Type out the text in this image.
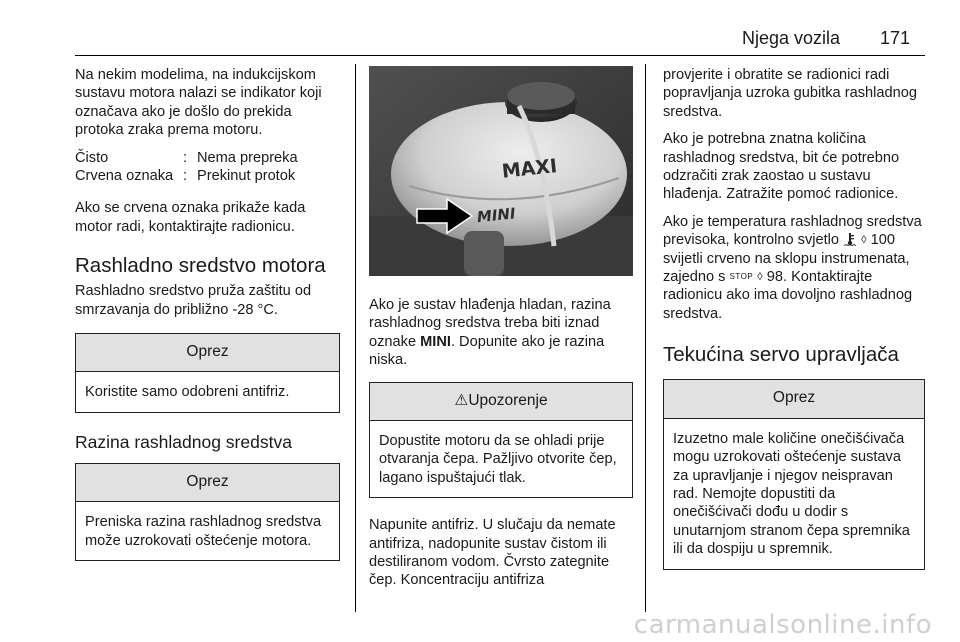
Njega vozila 171

Na nekim modelima, na indukcijskom sustavu motora nalazi se indikator koji označava ako je došlo do prekida protoka zraka prema motoru.

Čisto	: Nema prepreka
Crvena oznaka : Prekinut protok

Ako se crvena oznaka prikaže kada motor radi, kontaktirajte radionicu.

Rashladno sredstvo motora

Rashladno sredstvo pruža zaštitu od smrzavanja do približno -28 °C.

Oprez
Koristite samo odobreni antifriz.
Razina rashladnog sredstva
Oprez
Preniska razina rashladnog sredstva može uzrokovati oštećenje motora.
MAXI
MINI

Ako je sustav hlađenja hladan, razina rashladnog sredstva treba biti iznad oznake MINI. Dopunite ako je razina niska.

⚠Upozorenje
Dopustite motoru da se ohladi prije otvaranja čepa. Pažljivo otvorite čep, lagano ispuštajući tlak.

Napunite antifriz. U slučaju da nemate antifriza, nadopunite sustav čistom ili destiliranom vodom. Čvrsto zategnite čep. Koncentraciju antifriza

provjerite i obratite se radionici radi popravljanja uzroka gubitka rashladnog sredstva.

Ako je potrebna znatna količina rashladnog sredstva, bit će potrebno odzračiti zrak zaostao u sustavu hlađenja. Zatražite pomoć radionice.

Ako je temperatura rashladnog sredstva previsoka, kontrolno svjetlo  ◊ 100 svijetli crveno na sklopu instrumenata, zajedno s STOP ◊ 98. Kontaktirajte radionicu ako ima dovoljno rashladnog sredstva.

Tekućina servo upravljača
Oprez
Izuzetno male količine onečišćivača mogu uzrokovati oštećenje sustava za upravljanje i njegov neispravan rad. Nemojte dopustiti da onečišćivači dođu u dodir s unutarnjom stranom čepa spremnika ili da dospiju u spremnik.
carmanualsonline.info
